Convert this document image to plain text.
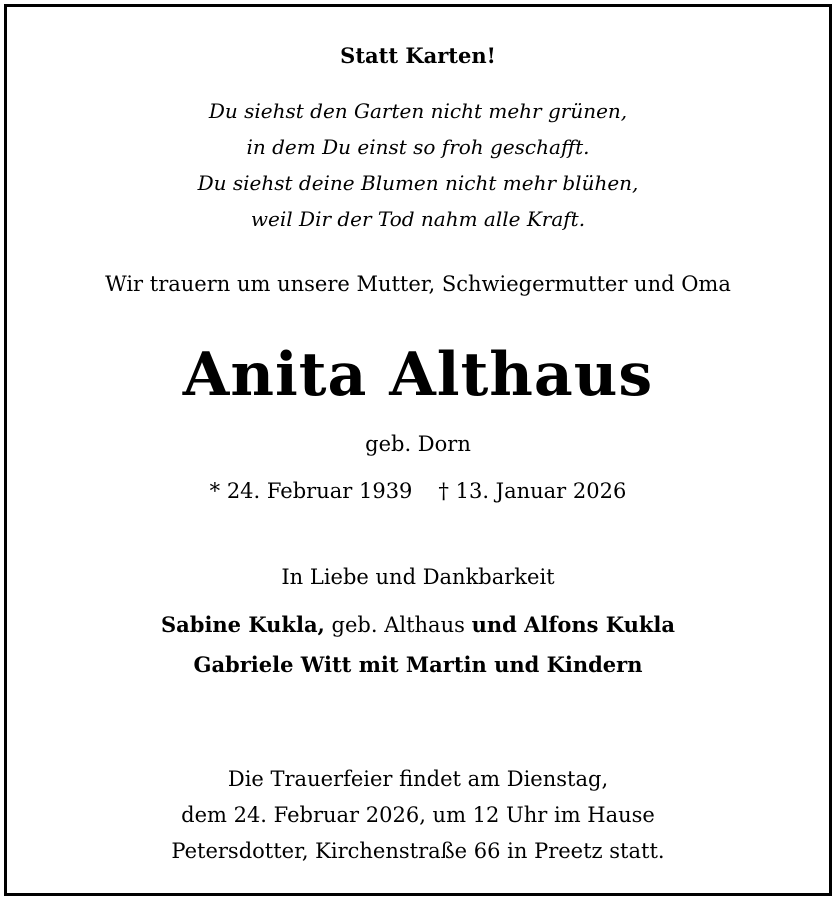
Statt Karten!
Du siehst den Garten nicht mehr grünen,
in dem Du einst so froh geschafft.
Du siehst deine Blumen nicht mehr blühen,
weil Dir der Tod nahm alle Kraft.
Wir trauern um unsere Mutter, Schwiegermutter und Oma
Anita Althaus
geb. Dorn
* 24. Februar 1939 † 13. Januar 2026
In Liebe und Dankbarkeit
Sabine Kukla, geb. Althaus und Alfons Kukla
Gabriele Witt mit Martin und Kindern
Die Trauerfeier findet am Dienstag,
dem 24. Februar 2026, um 12 Uhr im Hause
Petersdotter, Kirchenstraße 66 in Preetz statt.
